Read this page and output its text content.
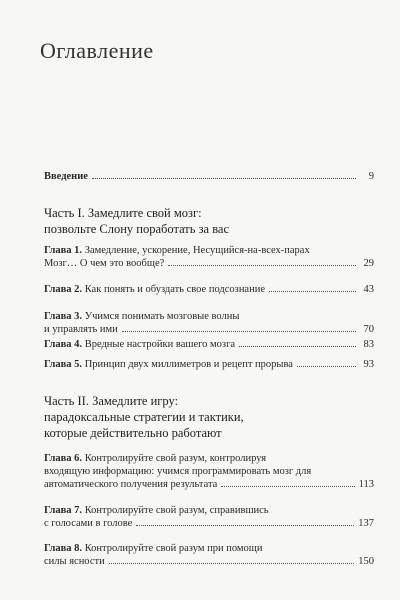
Оглавление
Введение	9
Часть I. Замедлите свой мозг:
позвольте Слону поработать за вас
Глава 1. Замедление, ускорение, Несущийся-на-всех-парах
Мозг… О чем это вообще?	29
Глава 2. Как понять и обуздать свое подсознание	43
Глава 3. Учимся понимать мозговые волны
и управлять ими	70
Глава 4. Вредные настройки вашего мозга	83
Глава 5. Принцип двух миллиметров и рецепт прорыва	93
Часть II. Замедлите игру:
парадоксальные стратегии и тактики,
которые действительно работают
Глава 6. Контролируйте свой разум, контролируя
входящую информацию: учимся программировать мозг для
автоматического получения результата	113
Глава 7. Контролируйте свой разум, справившись
с голосами в голове	137
Глава 8. Контролируйте свой разум при помощи
силы ясности	150
